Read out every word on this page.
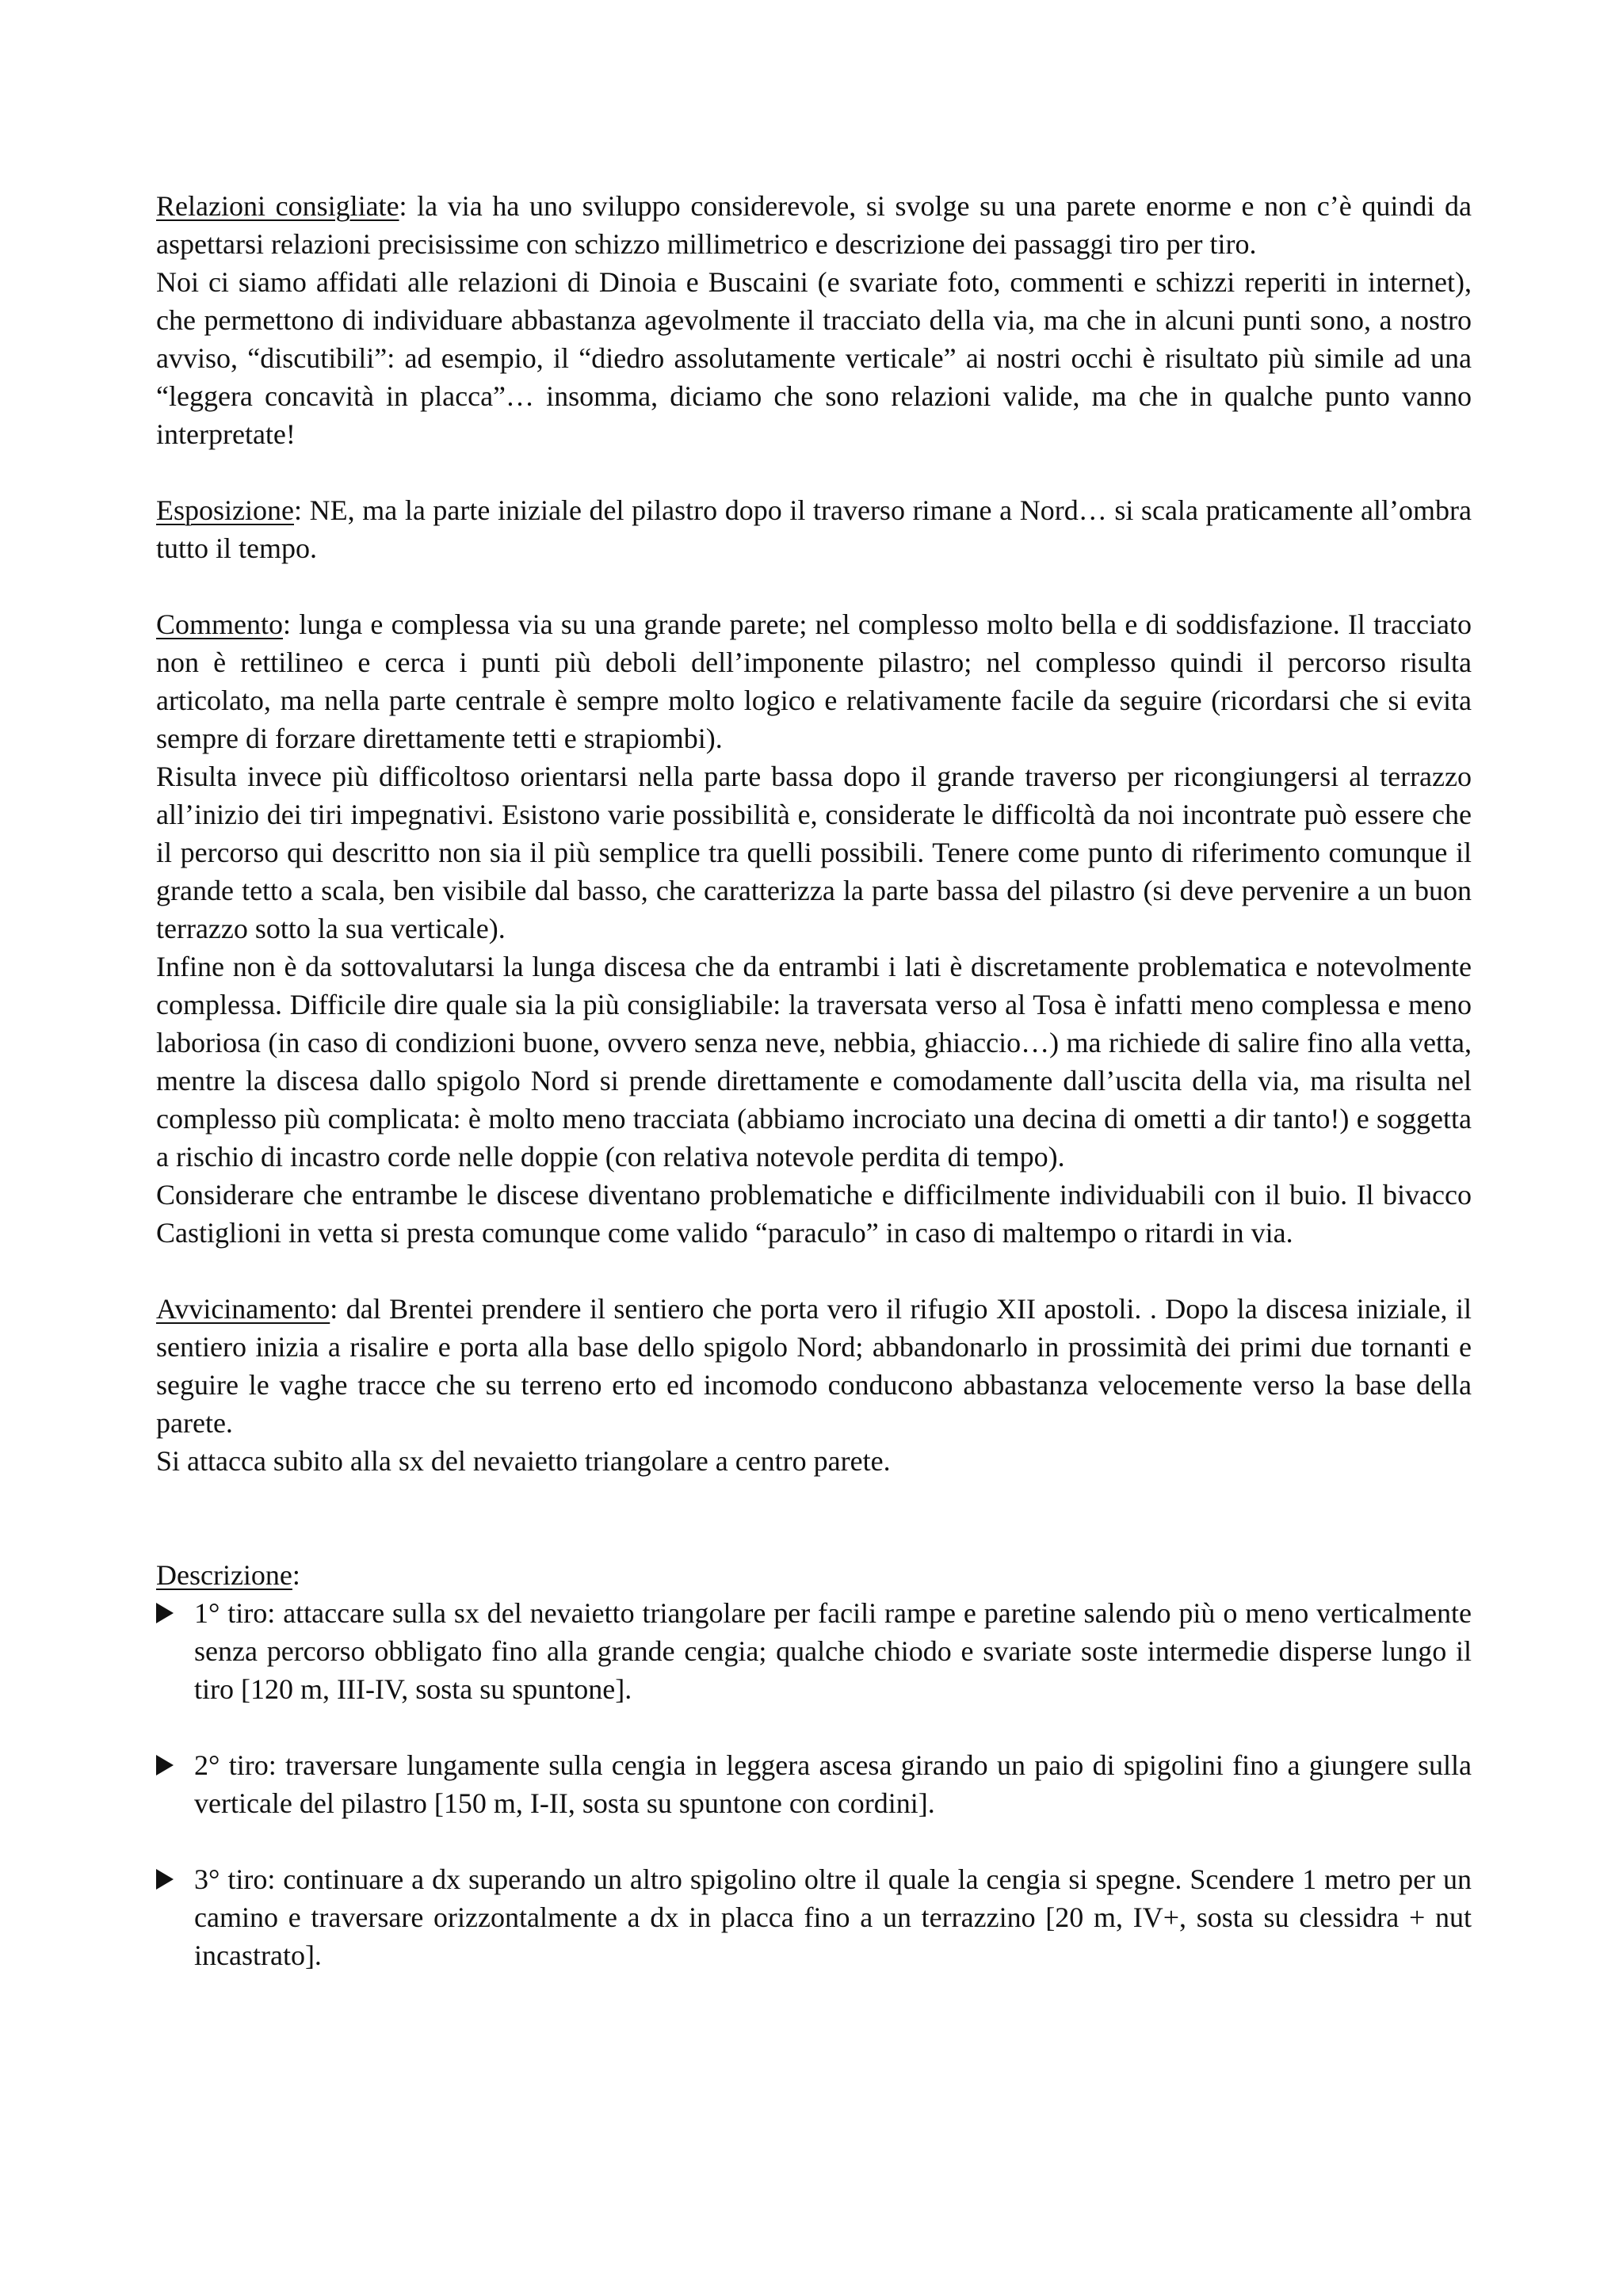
Relazioni consigliate: la via ha uno sviluppo considerevole, si svolge su una parete enorme e non c’è quindi da aspettarsi relazioni precisissime con schizzo millimetrico e descrizione dei passaggi tiro per tiro.

Noi ci siamo affidati alle relazioni di Dinoia e Buscaini (e svariate foto, commenti e schizzi reperiti in internet), che permettono di individuare abbastanza agevolmente il tracciato della via, ma che in alcuni punti sono, a nostro avviso, “discutibili”: ad esempio, il “diedro assolutamente verticale” ai nostri occhi è risultato più simile ad una “leggera concavità in placca”… insomma, diciamo che sono relazioni valide, ma che in qualche punto vanno interpretate!

Esposizione: NE, ma la parte iniziale del pilastro dopo il traverso rimane a Nord… si scala praticamente all’ombra tutto il tempo.

Commento: lunga e complessa via su una grande parete; nel complesso molto bella e di soddisfazione. Il tracciato non è rettilineo e cerca i punti più deboli dell’imponente pilastro; nel complesso quindi il percorso risulta articolato, ma nella parte centrale è sempre molto logico e relativamente facile da seguire (ricordarsi che si evita sempre di forzare direttamente tetti e strapiombi).

Risulta invece più difficoltoso orientarsi nella parte bassa dopo il grande traverso per ricongiungersi al terrazzo all’inizio dei tiri impegnativi. Esistono varie possibilità e, considerate le difficoltà da noi incontrate può essere che il percorso qui descritto non sia il più semplice tra quelli possibili. Tenere come punto di riferimento comunque il grande tetto a scala, ben visibile dal basso, che caratterizza la parte bassa del pilastro (si deve pervenire a un buon terrazzo sotto la sua verticale).

Infine non è da sottovalutarsi la lunga discesa che da entrambi i lati è discretamente problematica e notevolmente complessa. Difficile dire quale sia la più consigliabile: la traversata verso al Tosa è infatti meno complessa e meno laboriosa (in caso di condizioni buone, ovvero senza neve, nebbia, ghiaccio…) ma richiede di salire fino alla vetta, mentre la discesa dallo spigolo Nord si prende direttamente e comodamente dall’uscita della via, ma risulta nel complesso più complicata: è molto meno tracciata (abbiamo incrociato una decina di ometti a dir tanto!) e soggetta a rischio di incastro corde nelle doppie (con relativa notevole perdita di tempo).

Considerare che entrambe le discese diventano problematiche e difficilmente individuabili con il buio. Il bivacco Castiglioni in vetta si presta comunque come valido “paraculo” in caso di maltempo o ritardi in via.

Avvicinamento: dal Brentei prendere il sentiero che porta vero il rifugio XII apostoli. . Dopo la discesa iniziale, il sentiero inizia a risalire e porta alla base dello spigolo Nord; abbandonarlo in prossimità dei primi due tornanti e seguire le vaghe tracce che su terreno erto ed incomodo conducono abbastanza velocemente verso la base della parete.

Si attacca subito alla sx del nevaietto triangolare a centro parete.

Descrizione:

1° tiro: attaccare sulla sx del nevaietto triangolare per facili rampe e paretine salendo più o meno verticalmente senza percorso obbligato fino alla grande cengia; qualche chiodo e svariate soste intermedie disperse lungo il tiro [120 m, III-IV, sosta su spuntone].
2° tiro: traversare lungamente sulla cengia in leggera ascesa girando un paio di spigolini fino a giungere sulla verticale del pilastro [150 m, I-II, sosta su spuntone con cordini].
3° tiro: continuare a dx superando un altro spigolino oltre il quale la cengia si spegne. Scendere 1 metro per un camino e traversare orizzontalmente a dx in placca fino a un terrazzino [20 m, IV+, sosta su clessidra + nut incastrato].
